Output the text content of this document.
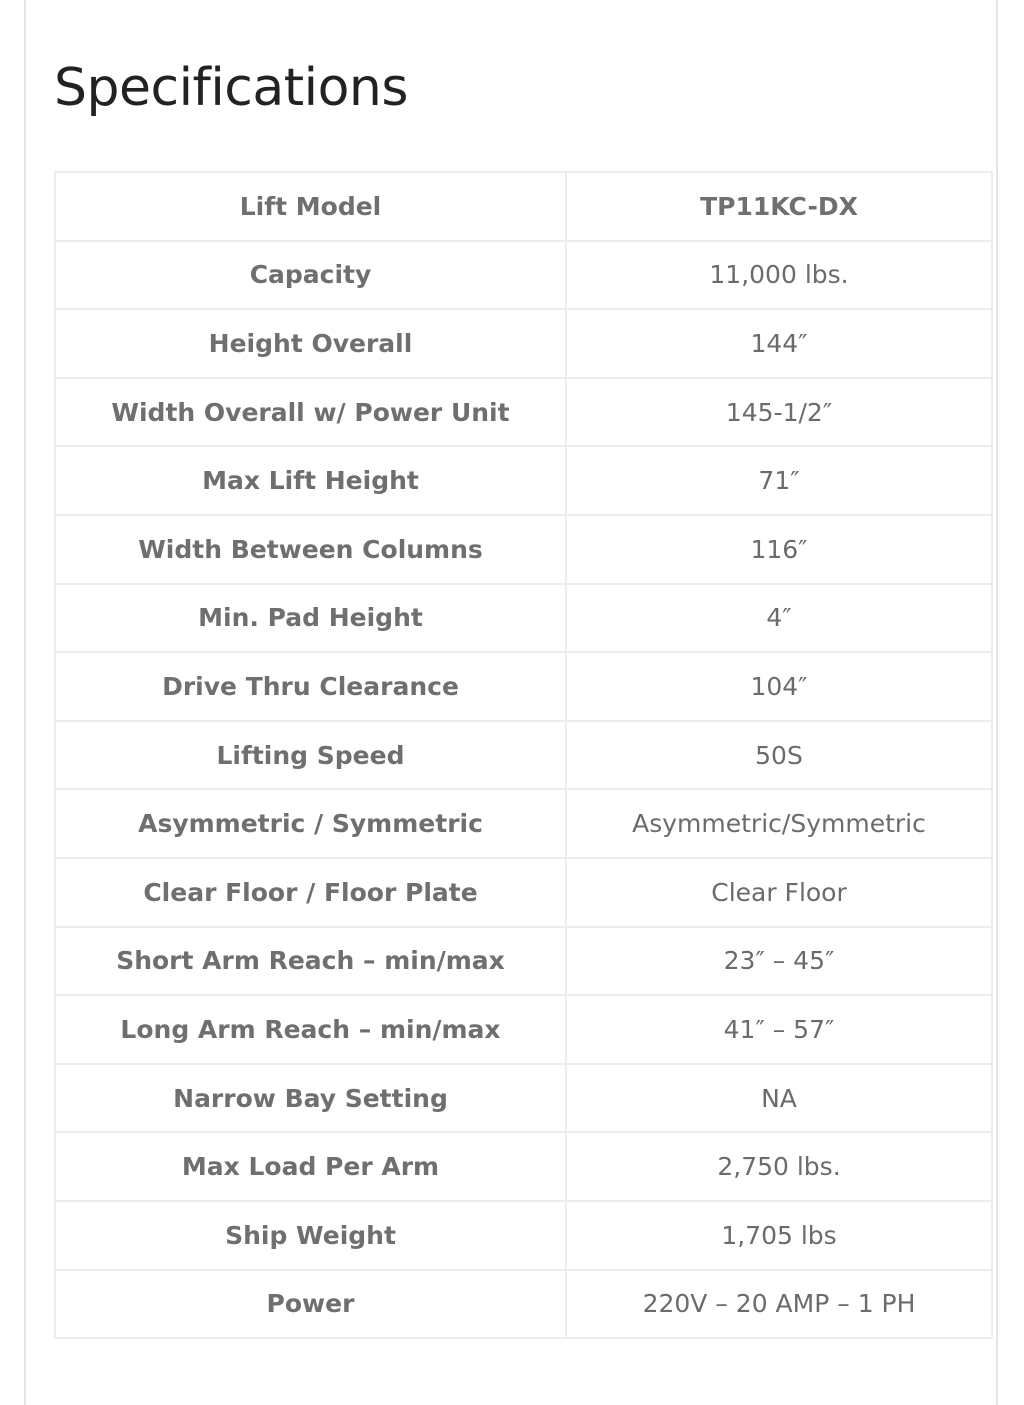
Specifications
Lift Model	TP11KC-DX
Capacity	11,000 lbs.
Height Overall	144″
Width Overall w/ Power Unit	145-1/2″
Max Lift Height	71″
Width Between Columns	116″
Min. Pad Height	4″
Drive Thru Clearance	104″
Lifting Speed	50S
Asymmetric / Symmetric	Asymmetric/Symmetric
Clear Floor / Floor Plate	Clear Floor
Short Arm Reach – min/max	23″ – 45″
Long Arm Reach – min/max	41″ – 57″
Narrow Bay Setting	NA
Max Load Per Arm	2,750 lbs.
Ship Weight	1,705 lbs
Power	220V – 20 AMP – 1 PH
